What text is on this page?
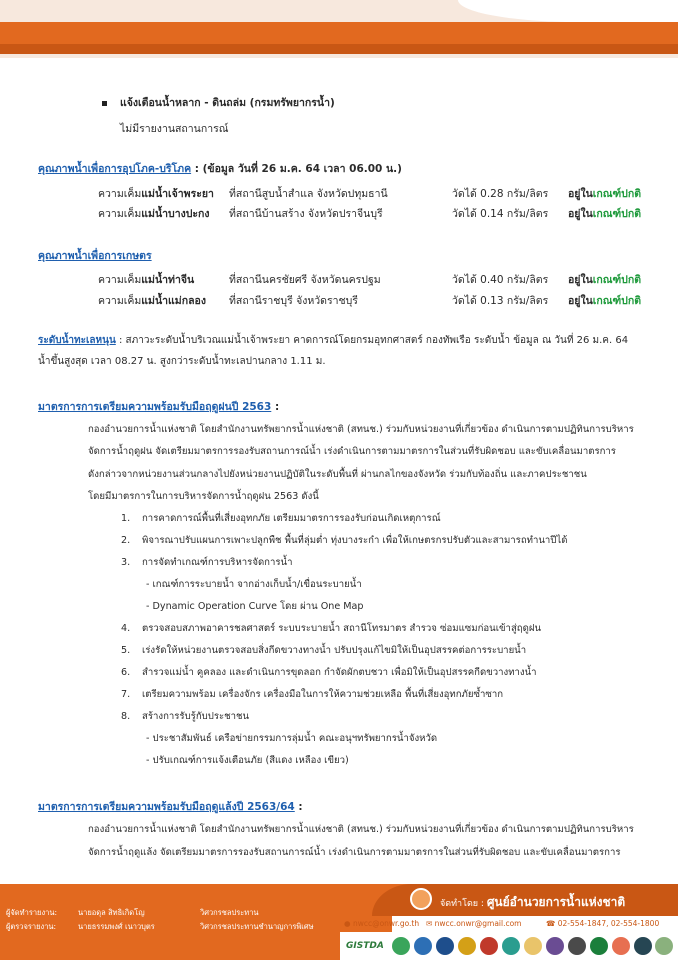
แจ้งเตือนน้ำหลาก - ดินถล่ม (กรมทรัพยากรน้ำ)
ไม่มีรายงานสถานการณ์
คุณภาพน้ำเพื่อการอุปโภค-บริโภค : (ข้อมูล วันที่ 26 ม.ค. 64 เวลา 06.00 น.)
ความเค็มแม่น้ำเจ้าพระยา ที่สถานีสูบน้ำสำแล จังหวัดปทุมธานี	วัดได้ 0.28 กรัม/ลิตร อยู่ในเกณฑ์ปกติ
ความเค็มแม่น้ำบางปะกง ที่สถานีบ้านสร้าง จังหวัดปราจีนบุรี	วัดได้ 0.14 กรัม/ลิตร อยู่ในเกณฑ์ปกติ
คุณภาพน้ำเพื่อการเกษตร
ความเค็มแม่น้ำท่าจีน	ที่สถานีนครชัยศรี จังหวัดนครปฐม	วัดได้ 0.40 กรัม/ลิตร อยู่ในเกณฑ์ปกติ
ความเค็มแม่น้ำแม่กลอง ที่สถานีราชบุรี จังหวัดราชบุรี	วัดได้ 0.13 กรัม/ลิตร อยู่ในเกณฑ์ปกติ
ระดับน้ำทะเลหนุน : สภาวะระดับน้ำบริเวณแม่น้ำเจ้าพระยา คาดการณ์โดยกรมอุทกศาสตร์ กองทัพเรือ ระดับน้ำ ข้อมูล ณ วันที่ 26 ม.ค. 64
น้ำขึ้นสูงสุด เวลา 08.27 น. สูงกว่าระดับน้ำทะเลปานกลาง 1.11 ม.
มาตรการการเตรียมความพร้อมรับมือฤดูฝนปี 2563 :
กองอำนวยการน้ำแห่งชาติ โดยสำนักงานทรัพยากรน้ำแห่งชาติ (สทนช.) ร่วมกับหน่วยงานที่เกี่ยวข้อง ดำเนินการตามปฏิทินการบริหาร
จัดการน้ำฤดูฝน จัดเตรียมมาตรการรองรับสถานการณ์น้ำ เร่งดำเนินการตามมาตรการในส่วนที่รับผิดชอบ และขับเคลื่อนมาตรการ
ดังกล่าวจากหน่วยงานส่วนกลางไปยังหน่วยงานปฏิบัติในระดับพื้นที่ ผ่านกลไกของจังหวัด ร่วมกับท้องถิ่น และภาคประชาชน
โดยมีมาตรการในการบริหารจัดการน้ำฤดูฝน 2563 ดังนี้
1. การคาดการณ์พื้นที่เสี่ยงอุทกภัย เตรียมมาตรการรองรับก่อนเกิดเหตุการณ์
2. พิจารณาปรับแผนการเพาะปลูกพืช พื้นที่ลุ่มต่ำ ทุ่งบางระกำ เพื่อให้เกษตรกรปรับตัวและสามารถทำนาปีได้
3. การจัดทำเกณฑ์การบริหารจัดการน้ำ
- เกณฑ์การระบายน้ำ จากอ่างเก็บน้ำ/เขื่อนระบายน้ำ
- Dynamic Operation Curve โดย ผ่าน One Map
4. ตรวจสอบสภาพอาคารชลศาสตร์ ระบบระบายน้ำ สถานีโทรมาตร สำรวจ ซ่อมแซมก่อนเข้าสู่ฤดูฝน
5. เร่งรัดให้หน่วยงานตรวจสอบสิ่งกีดขวางทางน้ำ ปรับปรุงแก้ไขมิให้เป็นอุปสรรคต่อการระบายน้ำ
6. สำรวจแม่น้ำ คูคลอง และดำเนินการขุดลอก กำจัดผักตบชวา เพื่อมิให้เป็นอุปสรรคกีดขวางทางน้ำ
7. เตรียมความพร้อม เครื่องจักร เครื่องมือในการให้ความช่วยเหลือ พื้นที่เสี่ยงอุทกภัยซ้ำซาก
8. สร้างการรับรู้กับประชาชน
- ประชาสัมพันธ์ เครือข่ายกรรมการลุ่มน้ำ คณะอนุฯทรัพยากรน้ำจังหวัด
- ปรับเกณฑ์การแจ้งเตือนภัย (สีแดง เหลือง เขียว)
มาตรการการเตรียมความพร้อมรับมือฤดูแล้งปี 2563/64 :
กองอำนวยการน้ำแห่งชาติ โดยสำนักงานทรัพยากรน้ำแห่งชาติ (สทนช.) ร่วมกับหน่วยงานที่เกี่ยวข้อง ดำเนินการตามปฏิทินการบริหาร
จัดการน้ำฤดูแล้ง จัดเตรียมมาตรการรองรับสถานการณ์น้ำ เร่งดำเนินการตามมาตรการในส่วนที่รับผิดชอบ และขับเคลื่อนมาตรการ
ผู้จัดทำรายงาน:	นายอดุล สิทธิเกิดโญ	วิศวกรชลประทาน
ผู้ตรวจรายงาน:	นายธรรมพงศ์ เนาวบุตร	วิศวกรชลประทานชำนาญการพิเศษ
จัดทำโดย : ศูนย์อำนวยการน้ำแห่งชาติ
● nwcc@onwr.go.th ✉ nwcc.onwr@gmail.com	☎ 02-554-1847, 02-554-1800
GISTDA
